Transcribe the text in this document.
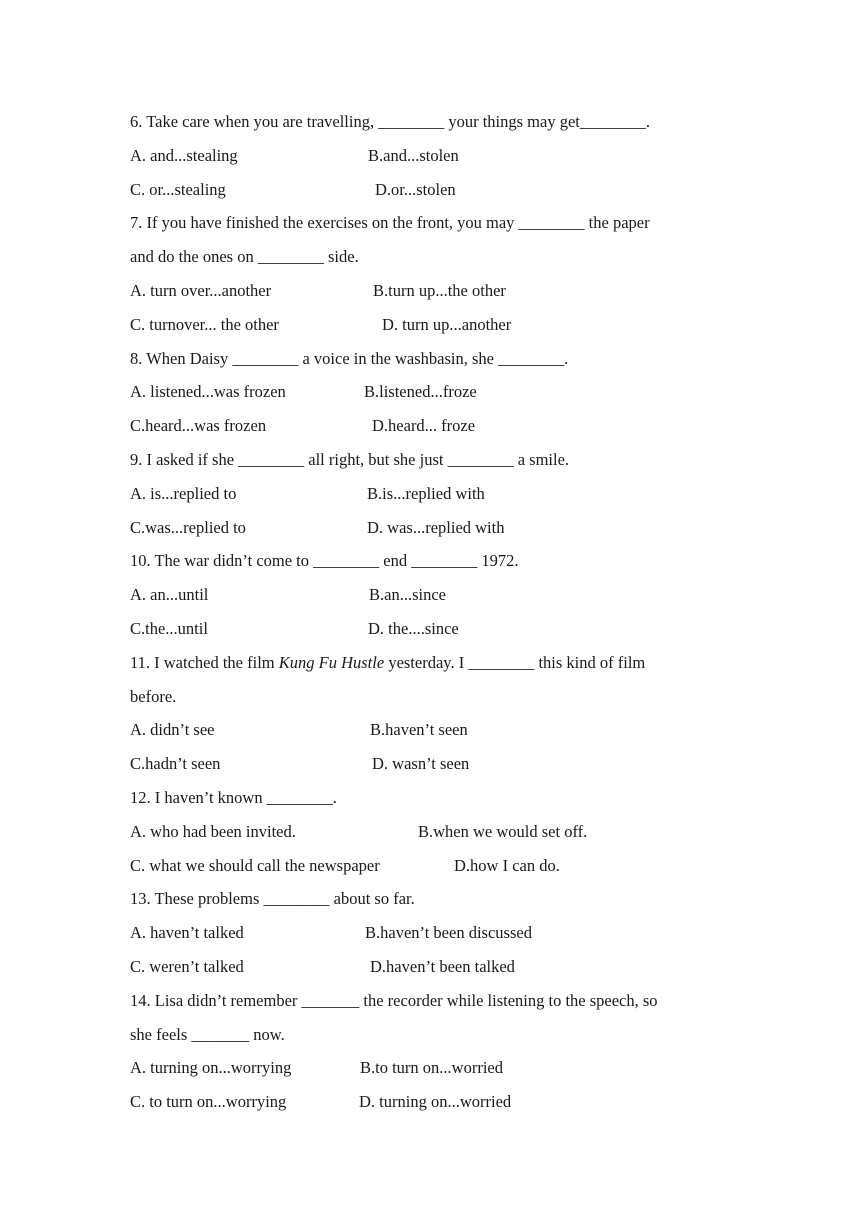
6. Take care when you are travelling, ________ your things may get________.
A. and...stealing	B.and...stolen
C. or...stealing	D.or...stolen
7. If you have finished the exercises on the front, you may ________ the paper
and do the ones on ________ side.
A. turn over...another	B.turn up...the other
C. turnover... the other	D. turn up...another
8. When Daisy ________ a voice in the washbasin, she ________.
A. listened...was frozen	B.listened...froze
C.heard...was frozen	D.heard... froze
9. I asked if she ________ all right, but she just ________ a smile.
A. is...replied to	B.is...replied with
C.was...replied to	D. was...replied with
10. The war didn’t come to ________ end ________ 1972.
A. an...until	B.an...since
C.the...until	D. the....since
11. I watched the film Kung Fu Hustle yesterday. I ________ this kind of film
before.
A. didn’t see	B.haven’t seen
C.hadn’t seen	D. wasn’t seen
12. I haven’t known ________.
A. who had been invited.	B.when we would set off.
C. what we should call the newspaper	D.how I can do.
13. These problems ________ about so far.
A. haven’t talked	B.haven’t been discussed
C. weren’t talked	D.haven’t been talked
14. Lisa didn’t remember _______ the recorder while listening to the speech, so
she feels _______ now.
A. turning on...worrying	B.to turn on...worried
C. to turn on...worrying	D. turning on...worried
